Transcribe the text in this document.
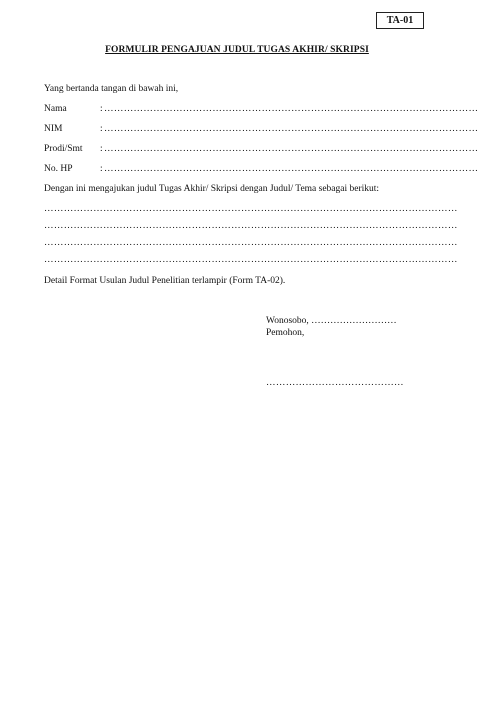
TA-01
FORMULIR PENGAJUAN JUDUL TUGAS AKHIR/ SKRIPSI
Yang bertanda tangan di bawah ini,
Nama	: ……………………………………………………………………………………………………
NIM	: ……………………………………………………………………………………………………
Prodi/Smt : ……………………………………………………………………………………………………
No. HP	: ……………………………………………………………………………………………………
Dengan ini mengajukan judul Tugas Akhir/ Skripsi dengan Judul/ Tema sebagai berikut:
………………………………………………………………………………………………………………
………………………………………………………………………………………………………………
………………………………………………………………………………………………………………
………………………………………………………………………………………………………………
Detail Format Usulan Judul Penelitian terlampir (Form TA-02).
Wonosobo, ………………………
Pemohon,
……………………………………
